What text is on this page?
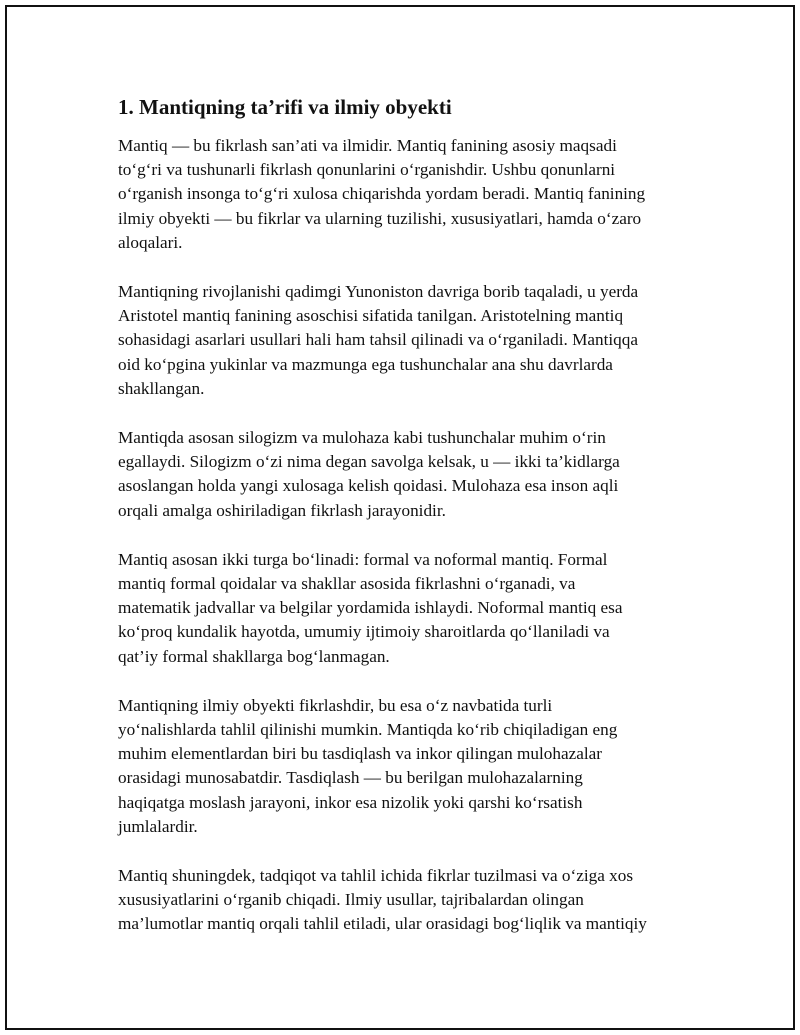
1. Mantiqning ta’rifi va ilmiy obyekti

Mantiq — bu fikrlash san’ati va ilmidir. Mantiq fanining asosiy maqsadi
to‘g‘ri va tushunarli fikrlash qonunlarini o‘rganishdir. Ushbu qonunlarni
o‘rganish insonga to‘g‘ri xulosa chiqarishda yordam beradi. Mantiq fanining
ilmiy obyekti — bu fikrlar va ularning tuzilishi, xususiyatlari, hamda o‘zaro
aloqalari.

Mantiqning rivojlanishi qadimgi Yunoniston davriga borib taqaladi, u yerda
Aristotel mantiq fanining asoschisi sifatida tanilgan. Aristotelning mantiq
sohasidagi asarlari usullari hali ham tahsil qilinadi va o‘rganiladi. Mantiqqa
oid ko‘pgina yukinlar va mazmunga ega tushunchalar ana shu davrlarda
shakllangan.

Mantiqda asosan silogizm va mulohaza kabi tushunchalar muhim o‘rin
egallaydi. Silogizm o‘zi nima degan savolga kelsak, u — ikki ta’kidlarga
asoslangan holda yangi xulosaga kelish qoidasi. Mulohaza esa inson aqli
orqali amalga oshiriladigan fikrlash jarayonidir.

Mantiq asosan ikki turga bo‘linadi: formal va noformal mantiq. Formal
mantiq formal qoidalar va shakllar asosida fikrlashni o‘rganadi, va
matematik jadvallar va belgilar yordamida ishlaydi. Noformal mantiq esa
ko‘proq kundalik hayotda, umumiy ijtimoiy sharoitlarda qo‘llaniladi va
qat’iy formal shakllarga bog‘lanmagan.

Mantiqning ilmiy obyekti fikrlashdir, bu esa o‘z navbatida turli
yo‘nalishlarda tahlil qilinishi mumkin. Mantiqda ko‘rib chiqiladigan eng
muhim elementlardan biri bu tasdiqlash va inkor qilingan mulohazalar
orasidagi munosabatdir. Tasdiqlash — bu berilgan mulohazalarning
haqiqatga moslash jarayoni, inkor esa nizolik yoki qarshi ko‘rsatish
jumlalardir.

Mantiq shuningdek, tadqiqot va tahlil ichida fikrlar tuzilmasi va o‘ziga xos
xususiyatlarini o‘rganib chiqadi. Ilmiy usullar, tajribalardan olingan
ma’lumotlar mantiq orqali tahlil etiladi, ular orasidagi bog‘liqlik va mantiqiy
